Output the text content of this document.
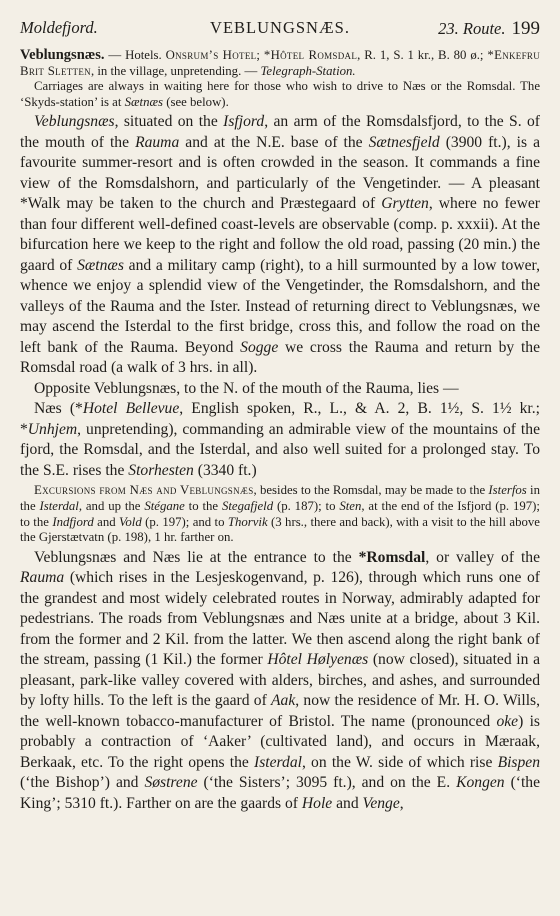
Moldefjord.	VEBLUNGSNÆS.	23. Route. 199

Veblungsnæs. — Hotels. Onsrum’s Hotel; *Hôtel Romsdal, R. 1, S. 1 kr., B. 80 ø.; *Enkefru Brit Sletten, in the village, unpretending. — Telegraph-Station.

Carriages are always in waiting here for those who wish to drive to Næs or the Romsdal. The ‘Skyds-station’ is at Sætnæs (see below).

Veblungsnæs, situated on the Isfjord, an arm of the Romsdalsfjord, to the S. of the mouth of the Rauma and at the N.E. base of the Sætnesfjeld (3900 ft.), is a favourite summer-resort and is often crowded in the season. It commands a fine view of the Romsdalshorn, and particularly of the Vengetinder. — A pleasant *Walk may be taken to the church and Præstegaard of Grytten, where no fewer than four different well-defined coast-levels are observable (comp. p. xxxii). At the bifurcation here we keep to the right and follow the old road, passing (20 min.) the gaard of Sætnæs and a military camp (right), to a hill surmounted by a low tower, whence we enjoy a splendid view of the Vengetinder, the Romsdalshorn, and the valleys of the Rauma and the Ister. Instead of returning direct to Veblungsnæs, we may ascend the Isterdal to the first bridge, cross this, and follow the road on the left bank of the Rauma. Beyond Sogge we cross the Rauma and return by the Romsdal road (a walk of 3 hrs. in all).

Opposite Veblungsnæs, to the N. of the mouth of the Rauma, lies —

Næs (*Hotel Bellevue, English spoken, R., L., & A. 2, B. 1½, S. 1½ kr.; *Unhjem, unpretending), commanding an admirable view of the mountains of the fjord, the Romsdal, and the Isterdal, and also well suited for a prolonged stay. To the S.E. rises the Storhesten (3340 ft.)

Excursions from Næs and Veblungsnæs, besides to the Romsdal, may be made to the Isterfos in the Isterdal, and up the Stégane to the Stegafjeld (p. 187); to Sten, at the end of the Isfjord (p. 197); to the Indfjord and Vold (p. 197); and to Thorvik (3 hrs., there and back), with a visit to the hill above the Gjerstætvatn (p. 198), 1 hr. farther on.

Veblungsnæs and Næs lie at the entrance to the *Romsdal, or valley of the Rauma (which rises in the Lesjeskogenvand, p. 126), through which runs one of the grandest and most widely celebrated routes in Norway, admirably adapted for pedestrians. The roads from Veblungsnæs and Næs unite at a bridge, about 3 Kil. from the former and 2 Kil. from the latter. We then ascend along the right bank of the stream, passing (1 Kil.) the former Hôtel Hølyenæs (now closed), situated in a pleasant, park-like valley covered with alders, birches, and ashes, and surrounded by lofty hills. To the left is the gaard of Aak, now the residence of Mr. H. O. Wills, the well-known tobacco-manufacturer of Bristol. The name (pronounced oke) is probably a contraction of ‘Aaker’ (cultivated land), and occurs in Mæraak, Berkaak, etc. To the right opens the Isterdal, on the W. side of which rise Bispen (‘the Bishop’) and Søstrene (‘the Sisters’; 3095 ft.), and on the E. Kongen (‘the King’; 5310 ft.). Farther on are the gaards of Hole and Venge,
